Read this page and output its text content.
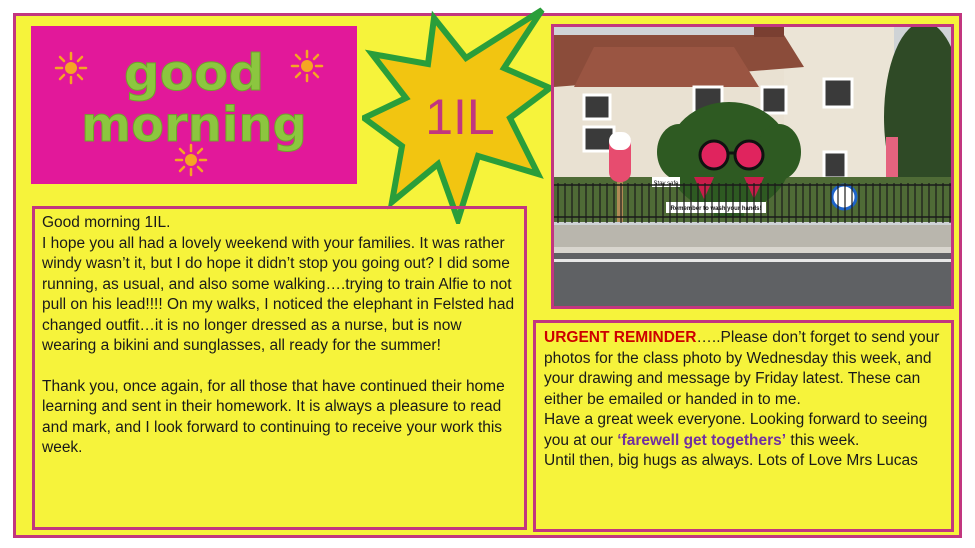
good
morning 1IL
Stay safe
Remember to wash your hands!

Good morning 1IL.

I hope you all had a lovely weekend with your families. It was rather windy wasn’t it, but I do hope it didn’t stop you going out? I did some running, as usual, and also some walking….trying to train Alfie to not pull on his lead!!!! On my walks, I noticed the elephant in Felsted had changed outfit…it is no longer dressed as a nurse, but is now wearing a bikini and sunglasses, all ready for the summer!

Thank you, once again, for all those that have continued their home learning and sent in their homework. It is always a pleasure to read and mark, and I look forward to continuing to receive your work this week.

URGENT REMINDER…..Please don’t forget to send your photos for the class photo by Wednesday this week, and your drawing and message by Friday latest. These can either be emailed or handed in to me.

Have a great week everyone. Looking forward to seeing you at our ‘farewell get togethers’ this week.

Until then, big hugs as always. Lots of Love Mrs Lucas
